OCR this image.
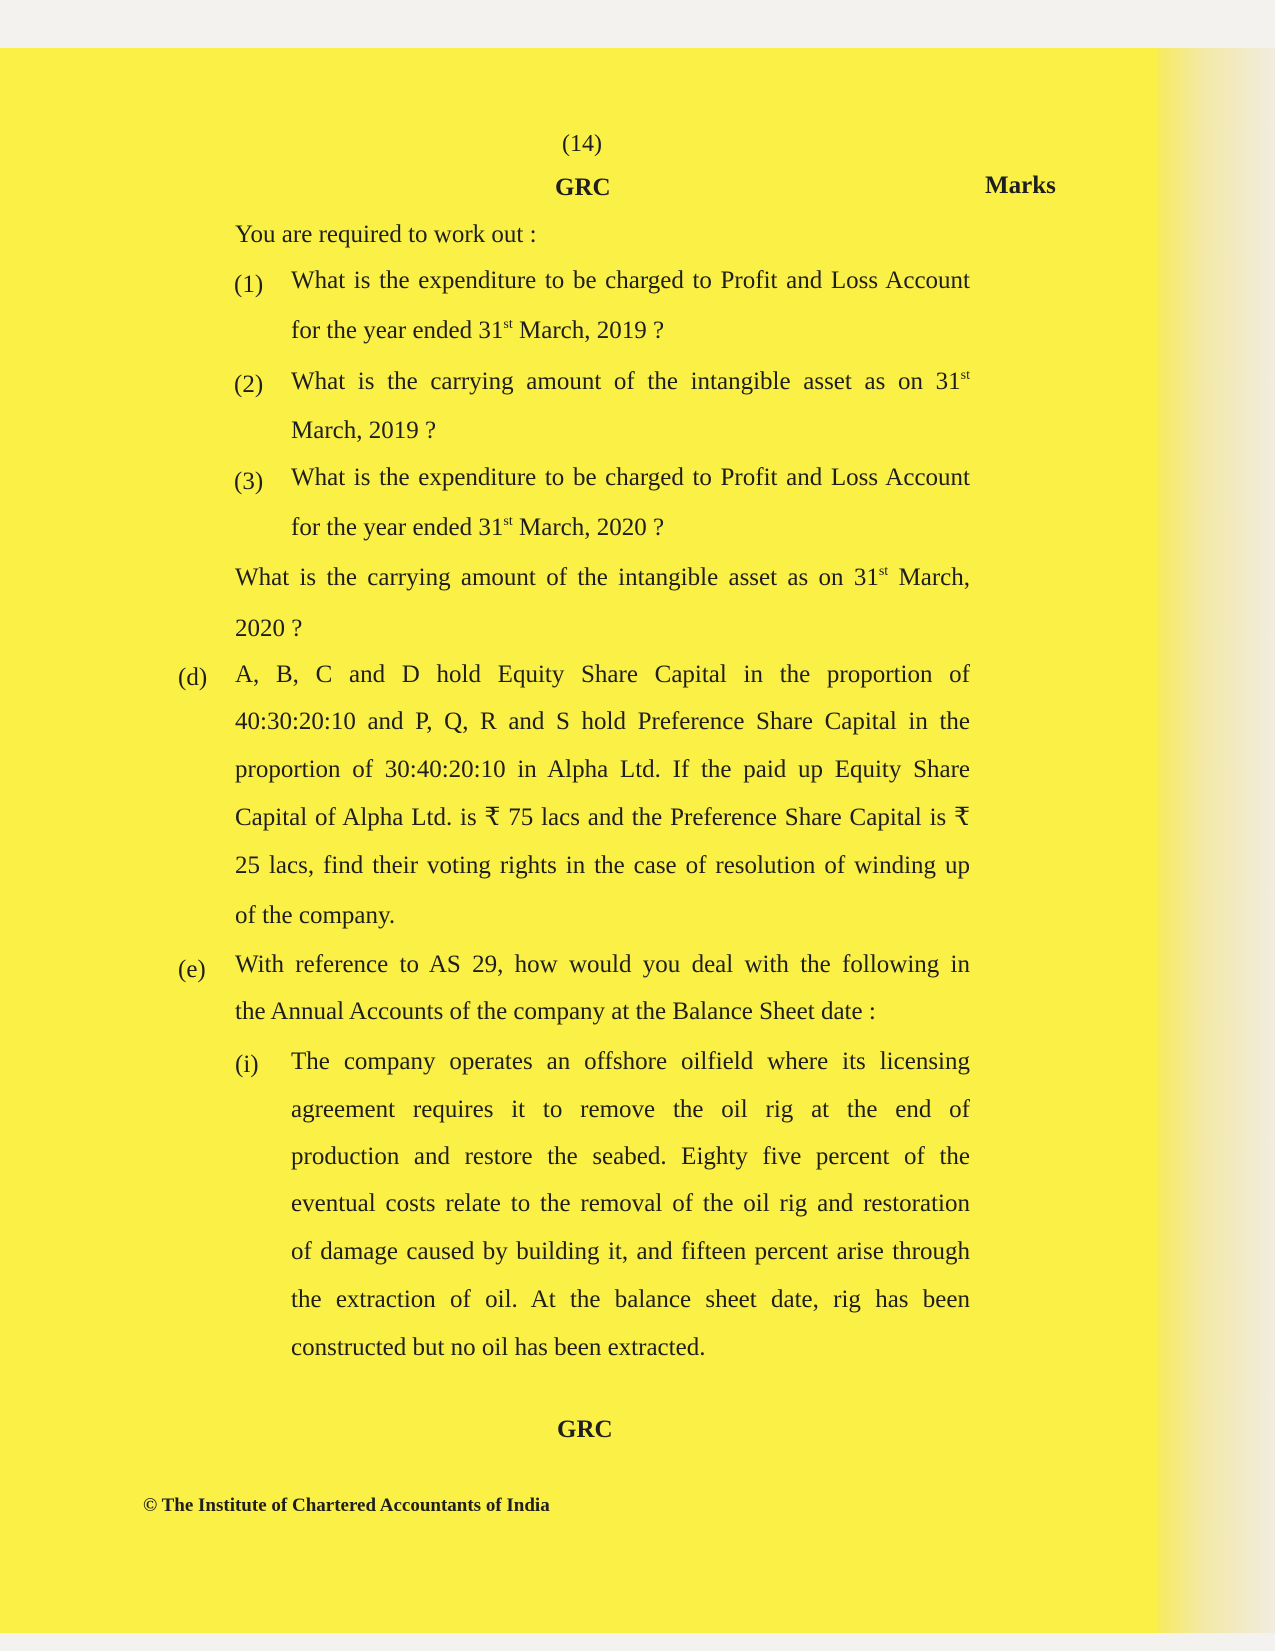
(14)
GRC	Marks
You are required to work out :
(1) What is the expenditure to be charged to Profit and Loss Account
for the year ended 31st March, 2019 ?
(2) What is the carrying amount of the intangible asset as on 31st
March, 2019 ?
(3) What is the expenditure to be charged to Profit and Loss Account
for the year ended 31st March, 2020 ?
What is the carrying amount of the intangible asset as on 31st March,
2020 ?
(d) A, B, C and D hold Equity Share Capital in the proportion of
40:30:20:10 and P, Q, R and S hold Preference Share Capital in the
proportion of 30:40:20:10 in Alpha Ltd. If the paid up Equity Share
Capital of Alpha Ltd. is ₹ 75 lacs and the Preference Share Capital is ₹
25 lacs, find their voting rights in the case of resolution of winding up
of the company.
(e) With reference to AS 29, how would you deal with the following in
the Annual Accounts of the company at the Balance Sheet date :
(i) The company operates an offshore oilfield where its licensing
agreement requires it to remove the oil rig at the end of
production and restore the seabed. Eighty five percent of the
eventual costs relate to the removal of the oil rig and restoration
of damage caused by building it, and fifteen percent arise through
the extraction of oil. At the balance sheet date, rig has been
constructed but no oil has been extracted.
GRC
© The Institute of Chartered Accountants of India
